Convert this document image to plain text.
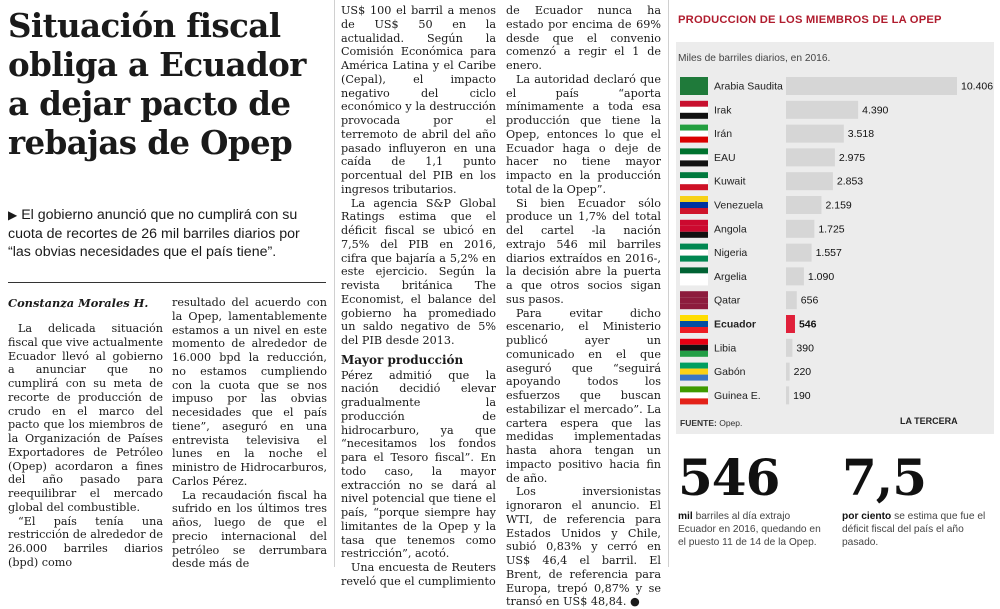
Situación fiscal obliga a Ecuador a dejar pacto de rebajas de Opep

▶ El gobierno anunció que no cumplirá con su cuota de recortes de 26 mil barriles diarios por “las obvias necesidades que el país tiene”.

Constanza Morales H.

La delicada situación fiscal que vive actualmente Ecuador llevó al gobierno a anunciar que no cumplirá con su meta de recorte de producción de crudo en el marco del pacto que los miembros de la Organización de Países Exportadores de Petróleo (Opep) acordaron a fines del año pasado para reequilibrar el mercado global del combustible.

“El país tenía una restricción de alrededor de 26.000 barriles diarios (bpd) como

resultado del acuerdo con la Opep, lamentablemente estamos a un nivel en este momento de alrededor de 16.000 bpd la reducción, no estamos cumpliendo con la cuota que se nos impuso por las obvias necesidades que el país tiene”, aseguró en una entrevista televisiva el lunes en la noche el ministro de Hidrocarburos, Carlos Pérez.

La recaudación fiscal ha sufrido en los últimos tres años, luego de que el precio internacional del petróleo se derrumbara desde más de

US$ 100 el barril a menos de US$ 50 en la actualidad. Según la Comisión Económica para América Latina y el Caribe (Cepal), el impacto negativo del ciclo económico y la destrucción provocada por el terremoto de abril del año pasado influyeron en una caída de 1,1 punto porcentual del PIB en los ingresos tributarios.

La agencia S&P Global Ratings estima que el déficit fiscal se ubicó en 7,5% del PIB en 2016, cifra que bajaría a 5,2% en este ejercicio. Según la revista británica The Economist, el balance del gobierno ha promediado un saldo negativo de 5% del PIB desde 2013.

Mayor producción

Pérez admitió que la nación decidió elevar gradualmente la producción de hidrocarburo, ya que “necesitamos los fondos para el Tesoro fiscal”. En todo caso, la mayor extracción no se dará al nivel potencial que tiene el país, “porque siempre hay limitantes de la Opep y la tasa que tenemos como restricción”, acotó.

Una encuesta de Reuters reveló que el cumplimiento

de Ecuador nunca ha estado por encima de 69% desde que el convenio comenzó a regir el 1 de enero.

La autoridad declaró que el país “aporta mínimamente a toda esa producción que tiene la Opep, entonces lo que el Ecuador haga o deje de hacer no tiene mayor impacto en la producción total de la Opep”.

Si bien Ecuador sólo produce un 1,7% del total del cartel -la nación extrajo 546 mil barriles diarios extraídos en 2016-, la decisión abre la puerta a que otros socios sigan sus pasos.

Para evitar dicho escenario, el Ministerio publicó ayer un comunicado en el que aseguró que “seguirá apoyando todos los esfuerzos que buscan estabilizar el mercado”. La cartera espera que las medidas implementadas hasta ahora tengan un impacto positivo hacia fin de año.

Los inversionistas ignoraron el anuncio. El WTI, de referencia para Estados Unidos y Chile, subió 0,83% y cerró en US$ 46,4 el barril. El Brent, de referencia para Europa, trepó 0,87% y se transó en US$ 48,84. ●

PRODUCCION DE LOS MIEMBROS DE LA OPEP
Miles de barriles diarios, en 2016.
Arabia Saudita	10.406
Irak	4.390
Irán	3.518
EAU	2.975
Kuwait	2.853
Venezuela	2.159
Angola	1.725
Nigeria	1.557
Argelia	1.090
Qatar	656
Ecuador	546
Libia	390
Gabón	220
Guinea E.	190
FUENTE: Opep.	LA TERCERA
546

mil barriles al día extrajo Ecuador en 2016, quedando en el puesto 11 de 14 de la Opep.

7,5

por ciento se estima que fue el déficit fiscal del país el año pasado.
